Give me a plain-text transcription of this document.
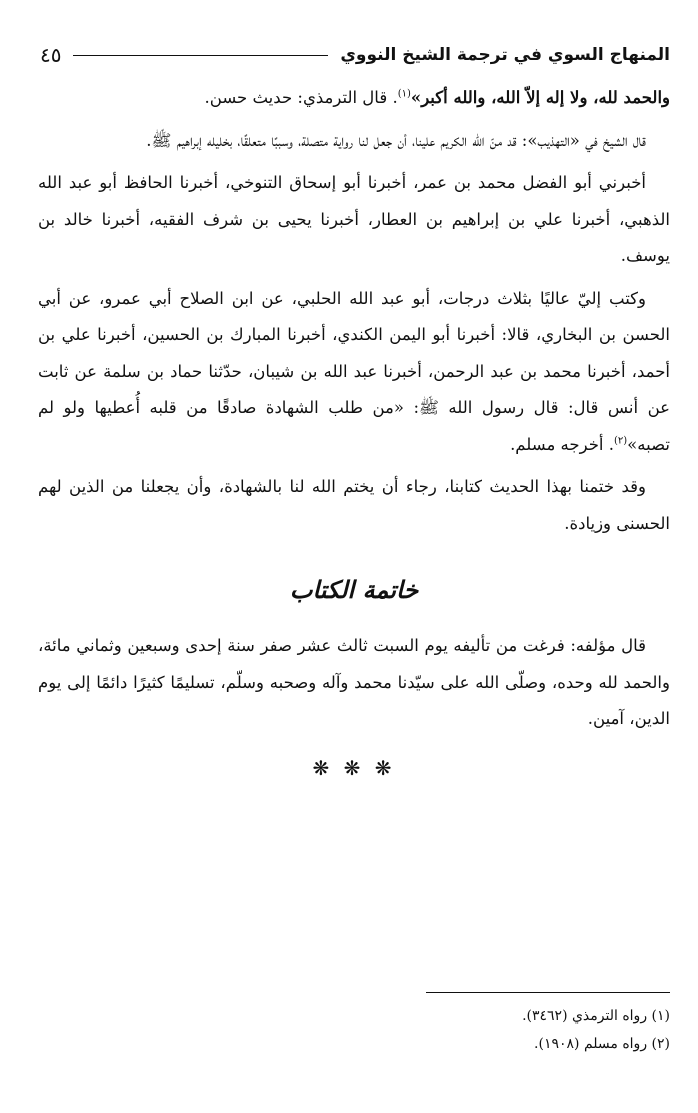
المنهاج السوي في ترجمة الشيخ النووي
٤٥

والحمد لله، ولا إله إلاّ الله، والله أكبر»$^{(١)}$. قال الترمذي: حديث حسن.

قال الشيخ في «التهذيب»: قد منّ الله الكريم علينا، أن جعل لنا رواية متصلة، وسببًا متعلقًا، بخليله إبراهيم ﷺ.

أخبرني أبو الفضل محمد بن عمر، أخبرنا أبو إسحاق التنوخي، أخبرنا الحافظ أبو عبد الله الذهبي، أخبرنا علي بن إبراهيم بن العطار، أخبرنا يحيى بن شرف الفقيه، أخبرنا خالد بن يوسف.

وكتب إليّ عاليًا بثلاث درجات، أبو عبد الله الحلبي، عن ابن الصلاح أبي عمرو، عن أبي الحسن بن البخاري، قالا: أخبرنا أبو اليمن الكندي، أخبرنا المبارك بن الحسين، أخبرنا علي بن أحمد، أخبرنا محمد بن عبد الرحمن، أخبرنا عبد الله بن شيبان، حدّثنا حماد بن سلمة عن ثابت عن أنس قال: قال رسول الله ﷺ: «من طلب الشهادة صادقًا من قلبه أُعطيها ولو لم تصبه»$^{(٢)}$. أخرجه مسلم.

وقد ختمنا بهذا الحديث كتابنا، رجاء أن يختم الله لنا بالشهادة، وأن يجعلنا من الذين لهم الحسنى وزيادة.

خاتمة الكتاب

قال مؤلفه: فرغت من تأليفه يوم السبت ثالث عشر صفر سنة إحدى وسبعين وثماني مائة، والحمد لله وحده، وصلّى الله على سيّدنا محمد وآله وصحبه وسلّم، تسليمًا كثيرًا دائمًا إلى يوم الدين، آمين.

❋ ❋ ❋
(١) رواه الترمذي (٣٤٦٢).
(٢) رواه مسلم (١٩٠٨).
